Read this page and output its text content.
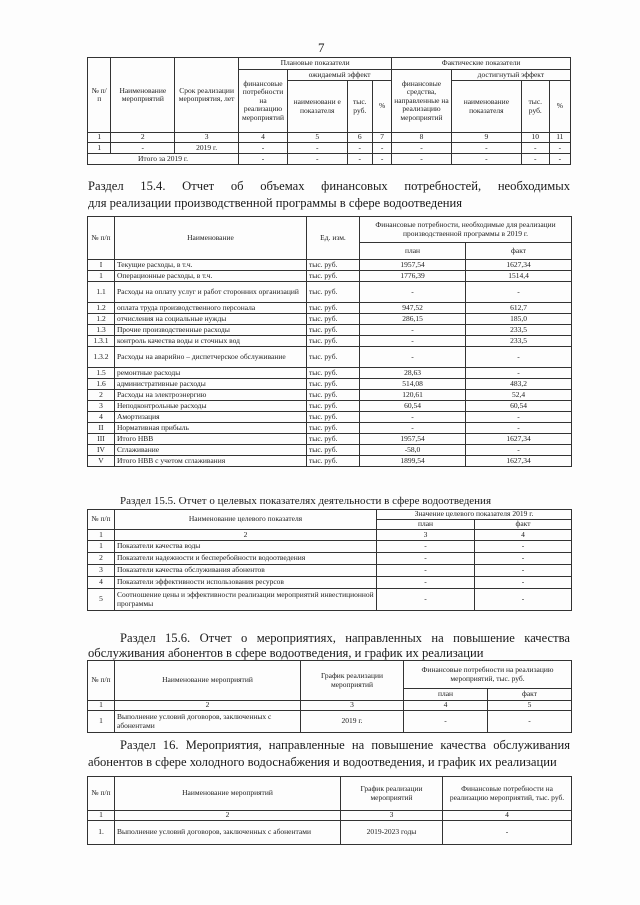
7
№ п/ п	Наименование мероприятий	Срок реализации мероприятия, лет	Плановые показатели				Фактические показатели			
			финансовые потребности на реализацию мероприятий	ожидаемый эффект			финансовые средства, направленные на реализацию мероприятий	достигнутый эффект		
				наименовани е показателя	тыс. руб.	%		наименование показателя	тыс. руб.	%
1	2	3	4	5	6	7	8	9	10	11
1	-	2019 г.	-	-	-	-	-	-	-	-
Итого за 2019 г.			-	-	-	-	-	-	-	-
Раздел 15.4. Отчет об объемах финансовых потребностей, необходимых
для реализации производственной программы в сфере водоотведения
№ п/п	Наименование	Ед. изм.	Финансовые потребности, необходимые для реализации производственной программы в 2019 г.	
			план	факт
I	Текущие расходы, в т.ч.	тыс. руб.	1957,54	1627,34
1	Операционные расходы, в т.ч.	тыс. руб.	1776,39	1514,4
1.1	Расходы на оплату услуг и работ сторонних организаций	тыс. руб.	-	-
1.2	оплата труда производственного персонала	тыс. руб.	947,52	612,7
1.2	отчисления на социальные нужды	тыс. руб.	286,15	185,0
1.3	Прочие производственные расходы	тыс. руб.	-	233,5
1.3.1	контроль качества воды и сточных вод	тыс. руб.	-	233,5
1.3.2	Расходы на аварийно – диспетчерское обслуживание	тыс. руб.	-	-
1.5	ремонтные расходы	тыс. руб.	28,63	-
1.6	административные расходы	тыс. руб.	514,08	483,2
2	Расходы на электроэнергию	тыс. руб.	120,61	52,4
3	Неподконтрольные расходы	тыс. руб.	60,54	60,54
4	Амортизация	тыс. руб.	-	-
II	Нормативная прибыль	тыс. руб.	-	-
III	Итого НВВ	тыс. руб.	1957,54	1627,34
IV	Сглаживание	тыс. руб.	-58,0	-
V	Итого НВВ с учетом сглаживания	тыс. руб.	1899,54	1627,34
Раздел 15.5. Отчет о целевых показателях деятельности в сфере водоотведения
№ п/п	Наименование целевого показателя	Значение целевого показателя 2019 г.	
		план	факт
1	2	3	4
1	Показатели качества воды	-	-
2	Показатели надежности и бесперебойности водоотведения	-	-
3	Показатели качества обслуживания абонентов	-	-
4	Показатели эффективности использования ресурсов	-	-
5	Соотношение цены и эффективности реализации мероприятий инвестиционной программы	-	-
Раздел 15.6. Отчет о мероприятиях, направленных на повышение качества
обслуживания абонентов в сфере водоотведения, и график их реализации
№ п/п	Наименование мероприятий	График реализации мероприятий	Финансовые потребности на реализацию мероприятий, тыс. руб.	
			план	факт
1	2	3	4	5
1	Выполнение условий договоров, заключенных с абонентами	2019 г.	-	-
Раздел 16. Мероприятия, направленные на повышение качества обслуживания
абонентов в сфере холодного водоснабжения и водоотведения, и график их реализации
№ п/п	Наименование мероприятий	График реализации мероприятий	Финансовые потребности на реализацию мероприятий, тыс. руб.
1	2	3	4
1.	Выполнение условий договоров, заключенных с абонентами	2019-2023 годы	-
